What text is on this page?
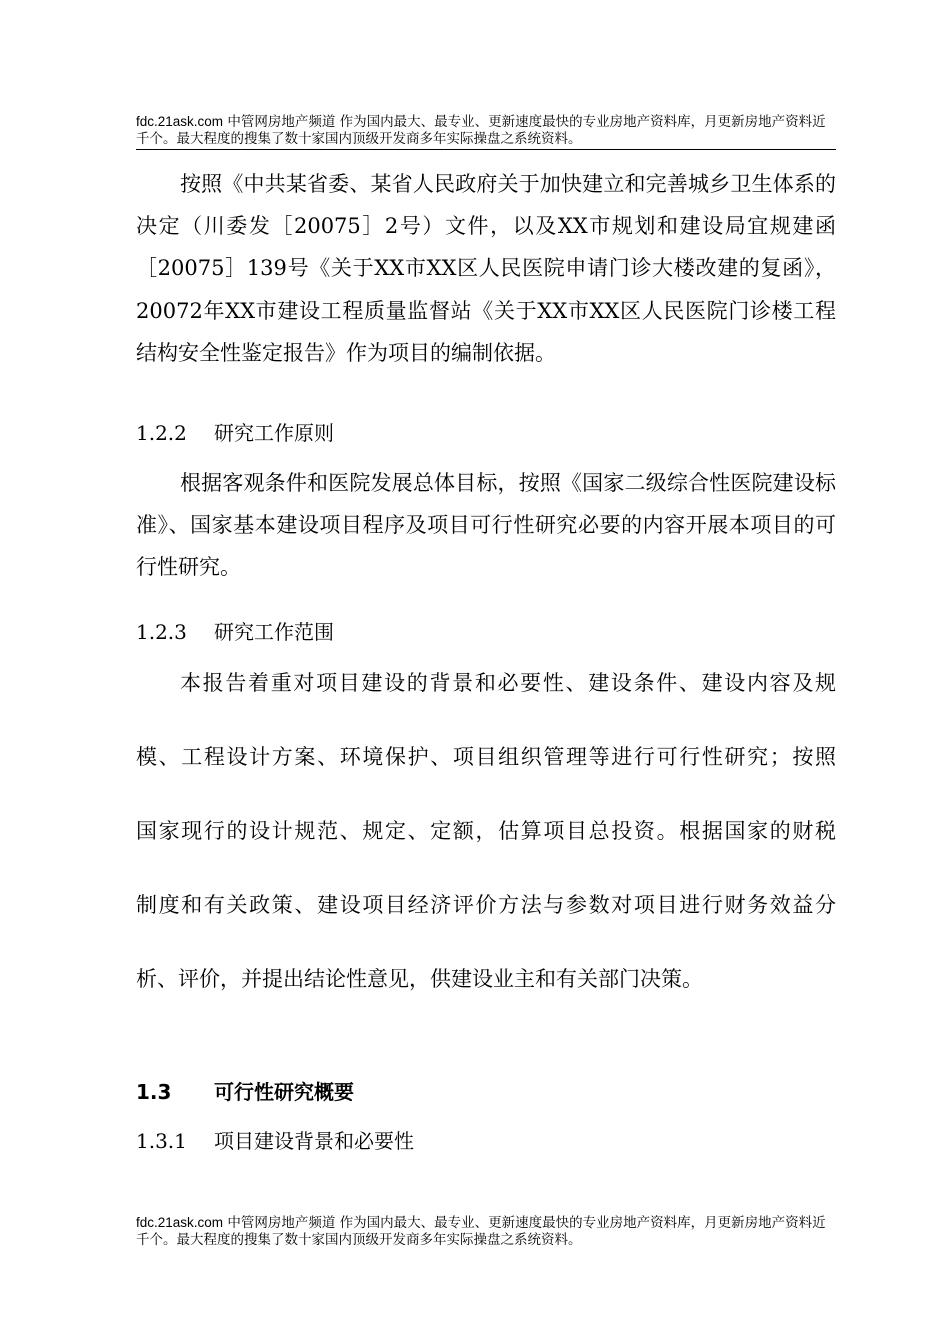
fdc.21ask.com 中管网房地产频道 作为国内最大、最专业、更新速度最快的专业房地产资料库，月更新房地产资料近千个。最大程度的搜集了数十家国内顶级开发商多年实际操盘之系统资料。

按照《中共某省委、某省人民政府关于加快建立和完善城乡卫生体系的决定（川委发［20075］2号）文件，以及XX市规划和建设局宜规建函［20075］139号《关于XX市XX区人民医院申请门诊大楼改建的复函》，20072年XX市建设工程质量监督站《关于XX市XX区人民医院门诊楼工程结构安全性鉴定报告》作为项目的编制依据。

1.2.2 研究工作原则

根据客观条件和医院发展总体目标，按照《国家二级综合性医院建设标准》、国家基本建设项目程序及项目可行性研究必要的内容开展本项目的可行性研究。

1.2.3 研究工作范围

本报告着重对项目建设的背景和必要性、建设条件、建设内容及规

模、工程设计方案、环境保护、项目组织管理等进行可行性研究；按照

国家现行的设计规范、规定、定额，估算项目总投资。根据国家的财税

制度和有关政策、建设项目经济评价方法与参数对项目进行财务效益分

析、评价，并提出结论性意见，供建设业主和有关部门决策。

1.3 可行性研究概要

1.3.1 项目建设背景和必要性

fdc.21ask.com 中管网房地产频道 作为国内最大、最专业、更新速度最快的专业房地产资料库，月更新房地产资料近千个。最大程度的搜集了数十家国内顶级开发商多年实际操盘之系统资料。
